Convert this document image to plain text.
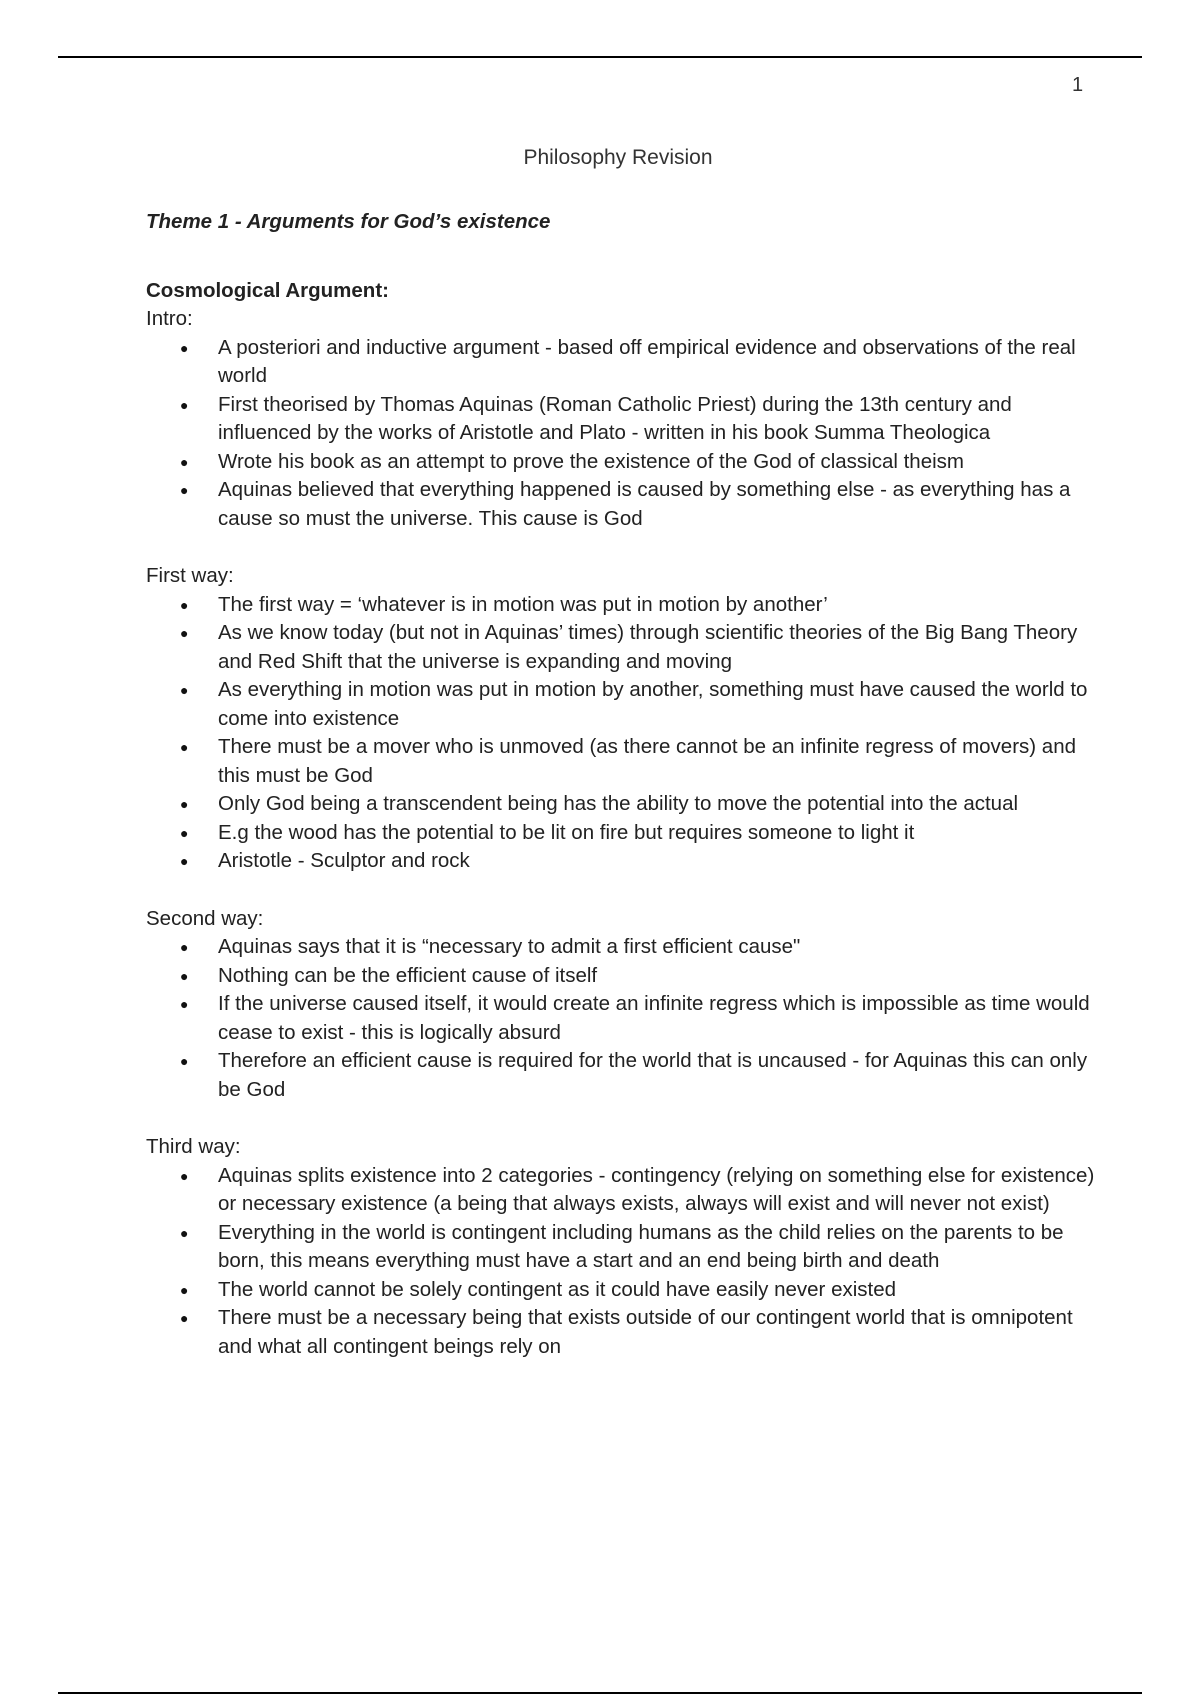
1
Philosophy Revision

Theme 1 - Arguments for God’s existence

Cosmological Argument:

Intro:

● A posteriori and inductive argument - based off empirical evidence and observations of the real world
● First theorised by Thomas Aquinas (Roman Catholic Priest) during the 13th century and influenced by the works of Aristotle and Plato - written in his book Summa Theologica
● Wrote his book as an attempt to prove the existence of the God of classical theism
● Aquinas believed that everything happened is caused by something else - as everything has a cause so must the universe. This cause is God

First way:

● The first way = ‘whatever is in motion was put in motion by another’
● As we know today (but not in Aquinas’ times) through scientific theories of the Big Bang Theory and Red Shift that the universe is expanding and moving
● As everything in motion was put in motion by another, something must have caused the world to come into existence
● There must be a mover who is unmoved (as there cannot be an infinite regress of movers) and this must be God
● Only God being a transcendent being has the ability to move the potential into the actual
● E.g the wood has the potential to be lit on fire but requires someone to light it
● Aristotle - Sculptor and rock

Second way:

● Aquinas says that it is “necessary to admit a first efficient cause"
● Nothing can be the efficient cause of itself
● If the universe caused itself, it would create an infinite regress which is impossible as time would cease to exist - this is logically absurd
● Therefore an efficient cause is required for the world that is uncaused - for Aquinas this can only be God

Third way:

● Aquinas splits existence into 2 categories - contingency (relying on something else for existence) or necessary existence (a being that always exists, always will exist and will never not exist)
● Everything in the world is contingent including humans as the child relies on the parents to be born, this means everything must have a start and an end being birth and death
● The world cannot be solely contingent as it could have easily never existed
● There must be a necessary being that exists outside of our contingent world that is omnipotent and what all contingent beings rely on
